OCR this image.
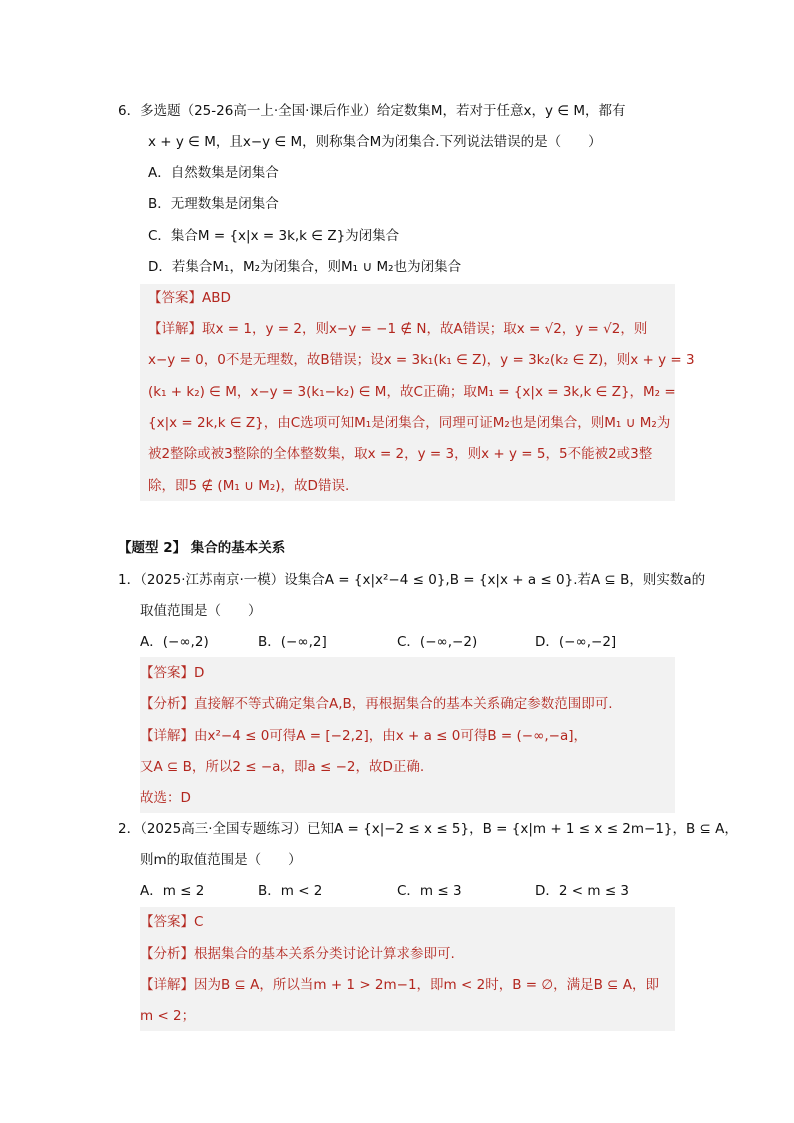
6．多选题（25-26高一上·全国·课后作业）给定数集M，若对于任意x，y ∈ M，都有
x + y ∈ M，且x−y ∈ M，则称集合M为闭集合.下列说法错误的是（　　）
A．自然数集是闭集合
B．无理数集是闭集合
C．集合M = {x|x = 3k,k ∈ Z}为闭集合
D．若集合M₁，M₂为闭集合，则M₁ ∪ M₂也为闭集合
【答案】ABD
【详解】取x = 1，y = 2，则x−y = −1 ∉ N，故A错误；取x = √2，y = √2，则
x−y = 0，0不是无理数，故B错误；设x = 3k₁(k₁ ∈ Z)，y = 3k₂(k₂ ∈ Z)，则x + y = 3
(k₁ + k₂) ∈ M，x−y = 3(k₁−k₂) ∈ M，故C正确；取M₁ = {x|x = 3k,k ∈ Z}，M₂ =
{x|x = 2k,k ∈ Z}，由C选项可知M₁是闭集合，同理可证M₂也是闭集合，则M₁ ∪ M₂为
被2整除或被3整除的全体整数集，取x = 2，y = 3，则x + y = 5，5不能被2或3整
除，即5 ∉ (M₁ ∪ M₂)，故D错误.
【题型 2】 集合的基本关系
1．（2025·江苏南京·一模）设集合A = {x|x²−4 ≤ 0},B = {x|x + a ≤ 0}.若A ⊆ B，则实数a的
取值范围是（　　）
A．(−∞,2)	B．(−∞,2]	C．(−∞,−2)	D．(−∞,−2]
【答案】D
【分析】直接解不等式确定集合A,B，再根据集合的基本关系确定参数范围即可.
【详解】由x²−4 ≤ 0可得A = [−2,2]，由x + a ≤ 0可得B = (−∞,−a]，
又A ⊆ B，所以2 ≤ −a，即a ≤ −2，故D正确.
故选：D
2．（2025高三·全国专题练习）已知A = {x|−2 ≤ x ≤ 5}，B = {x|m + 1 ≤ x ≤ 2m−1}，B ⊆ A，
则m的取值范围是（　　）
A．m ≤ 2	B．m < 2	C．m ≤ 3	D．2 < m ≤ 3
【答案】C
【分析】根据集合的基本关系分类讨论计算求参即可.
【详解】因为B ⊆ A，所以当m + 1 > 2m−1，即m < 2时，B = ∅，满足B ⊆ A，即
m < 2；
